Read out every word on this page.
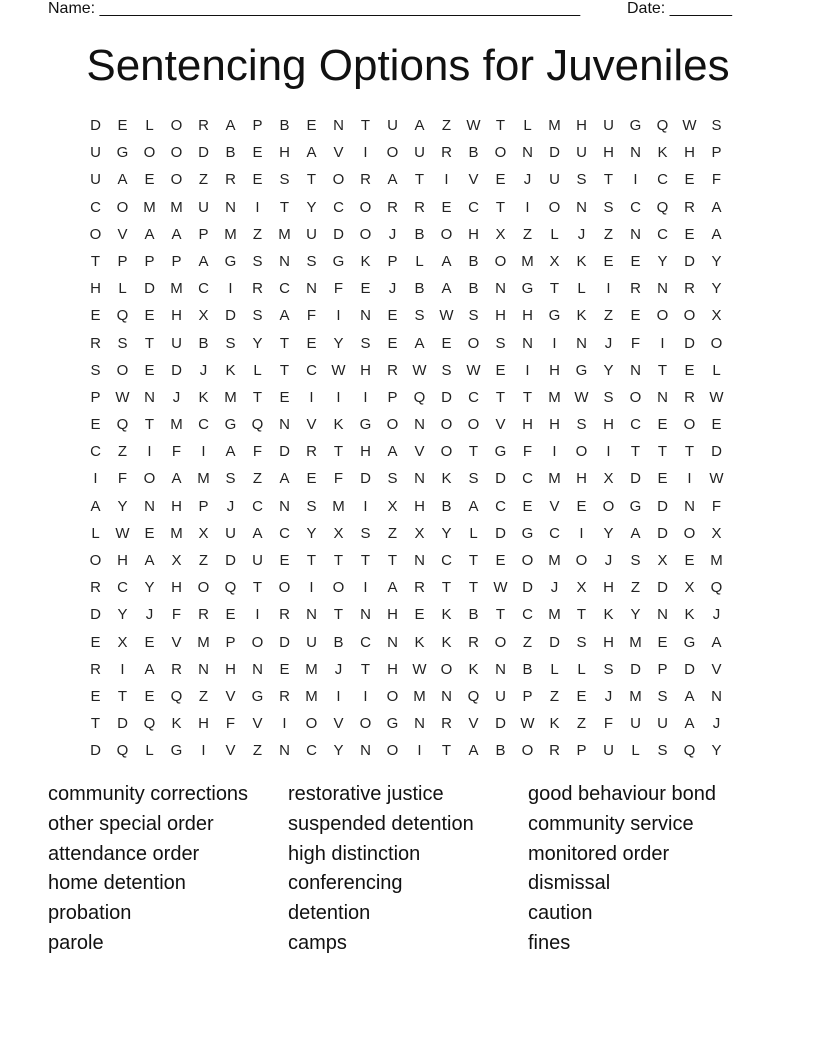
Name: ______________________________________________________	Date: _______
Sentencing Options for Juveniles
D	E	L	O	R	A	P	B	E	N	T	U	A	Z	W	T	L	M	H	U	G	Q W S
U	G	O	O	D	B	E	H	A	V	I	O	U	R	B	O	N	D	U	H	N	K	H	P
U	A	E	O	Z	R	E	S	T	O	R	A	T	I	V	E	J	U	S	T	I	C	E	F
C	O M M	U	N	I	T	Y	C	O	R	R	E	C	T	I	O	N	S	C	Q	R	A
O	V	A	A	P	M	Z	M	U	D	O	J	B	O	H	X	Z	L	J	Z	N	C	E	A
T	P	P	P	A	G	S	N	S	G	K	P	L	A	B	O M	X	K	E	E	Y	D	Y
H	L	D	M	C	I	R	C	N	F	E	J	B	A	B	N	G	T	L	I	R	N	R	Y
E	Q	E	H	X	D	S	A	F	I	N	E	S W S	H	H	G	K	Z	E	O	O	X
R	S	T	U	B	S	Y	T	E	Y	S	E	A	E	O	S	N	I	N	J	F	I	D	O
S	O	E	D	J	K	L	T	C W H	R W S W E	I	H	G	Y	N	T	E	L
P W N	J	K	M	T	E	I	I	I	P	Q	D	C	T	T	M W S	O	N	R W
E	Q	T	M	C	G	Q	N	V	K	G	O	N	O	O	V	H	H	S	H	C	E	O	E
C	Z	I	F	I	A	F	D	R	T	H	A	V	O	T	G	F	I	O	I	T	T	T	D
I	F	O	A	M	S	Z	A	E	F	D	S	N	K	S	D	C	M	H	X	D	E	I	W
A	Y	N	H	P	J	C	N	S	M	I	X	H	B	A	C	E	V	E	O	G	D	N	F
L	W E	M	X	U	A	C	Y	X	S	Z	X	Y	L	D	G	C	I	Y	A	D	O	X
O	H	A	X	Z	D	U	E	T	T	T	T	N	C	T	E	O M O	J	S	X	E	M
R	C	Y	H	O	Q	T	O	I	O	I	A	R	T	T	W D	J	X	H	Z	D	X	Q
D	Y	J	F	R	E	I	R	N	T	N	H	E	K	B	T	C	M	T	K	Y	N	K	J
E	X	E	V	M	P	O	D	U	B	C	N	K	K	R	O	Z	D	S	H	M	E	G	A
R	I	A	R	N	H	N	E	M	J	T	H W O	K	N	B	L	L	S	D	P	D	V
E	T	E	Q	Z	V	G	R	M	I	I	O M	N	Q	U	P	Z	E	J	M	S	A	N
T	D	Q	K	H	F	V	I	O	V	O	G	N	R	V	D W K	Z	F	U	U	A	J
D	Q	L	G	I	V	Z	N	C	Y	N	O	I	T	A	B	O	R	P	U	L	S	Q	Y
community corrections	restorative justice	good behaviour bond
other special order	suspended detention	community service
attendance order	high distinction	monitored order
home detention	conferencing	dismissal
probation	detention	caution
parole	camps	fines
